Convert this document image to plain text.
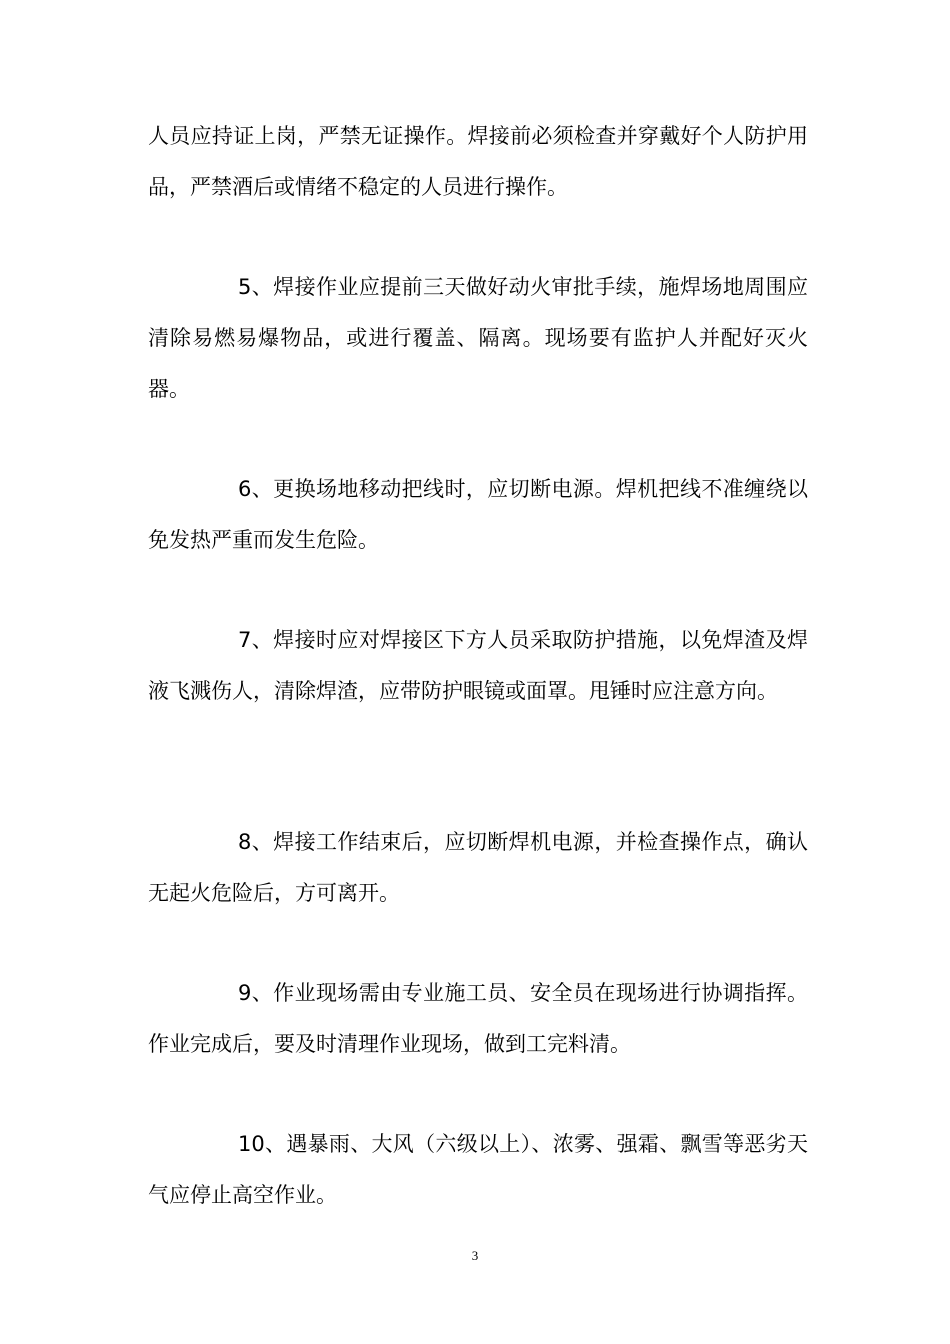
人员应持证上岗，严禁无证操作。焊接前必须检查并穿戴好个人防护用品，严禁酒后或情绪不稳定的人员进行操作。

5、焊接作业应提前三天做好动火审批手续，施焊场地周围应清除易燃易爆物品，或进行覆盖、隔离。现场要有监护人并配好灭火器。

6、更换场地移动把线时，应切断电源。焊机把线不准缠绕以免发热严重而发生危险。

7、焊接时应对焊接区下方人员采取防护措施，以免焊渣及焊液飞溅伤人，清除焊渣，应带防护眼镜或面罩。甩锤时应注意方向。

8、焊接工作结束后，应切断焊机电源，并检查操作点，确认无起火危险后，方可离开。

9、作业现场需由专业施工员、安全员在现场进行协调指挥。作业完成后，要及时清理作业现场，做到工完料清。

10、遇暴雨、大风（六级以上）、浓雾、强霜、飘雪等恶劣天气应停止高空作业。

3
